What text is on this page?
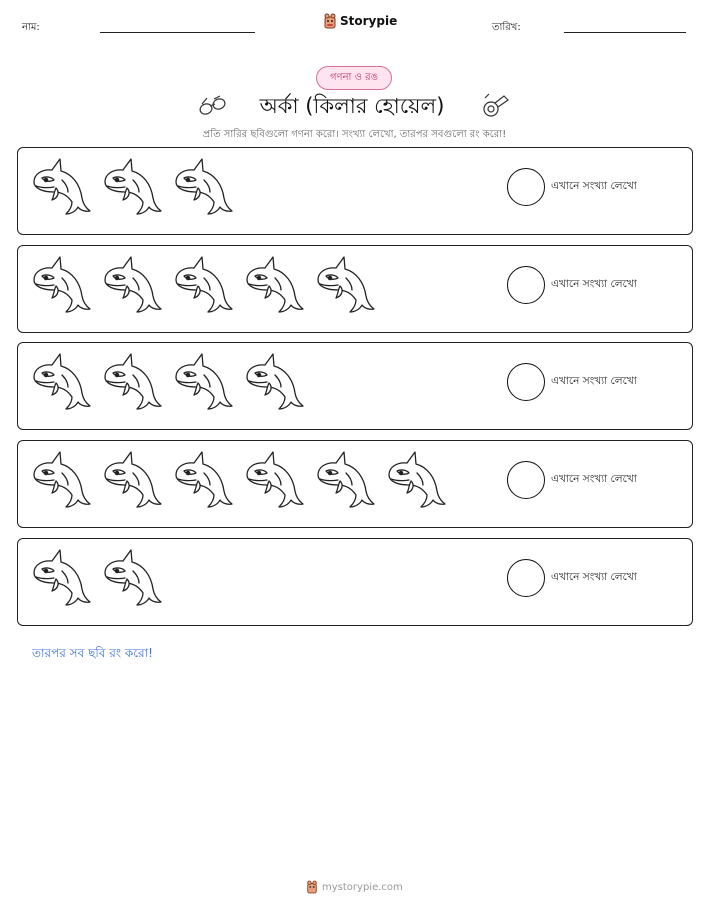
নাম:	Storypie	তারিখ:
গণনা ও রঙ
অর্কা (কিলার হোয়েল)
প্রতি সারির ছবিগুলো গণনা করো। সংখ্যা লেখো, তারপর সবগুলো রং করো!
এখানে সংখ্যা লেখো
এখানে সংখ্যা লেখো
এখানে সংখ্যা লেখো
এখানে সংখ্যা লেখো
এখানে সংখ্যা লেখো
তারপর সব ছবি রং করো!
mystorypie.com
